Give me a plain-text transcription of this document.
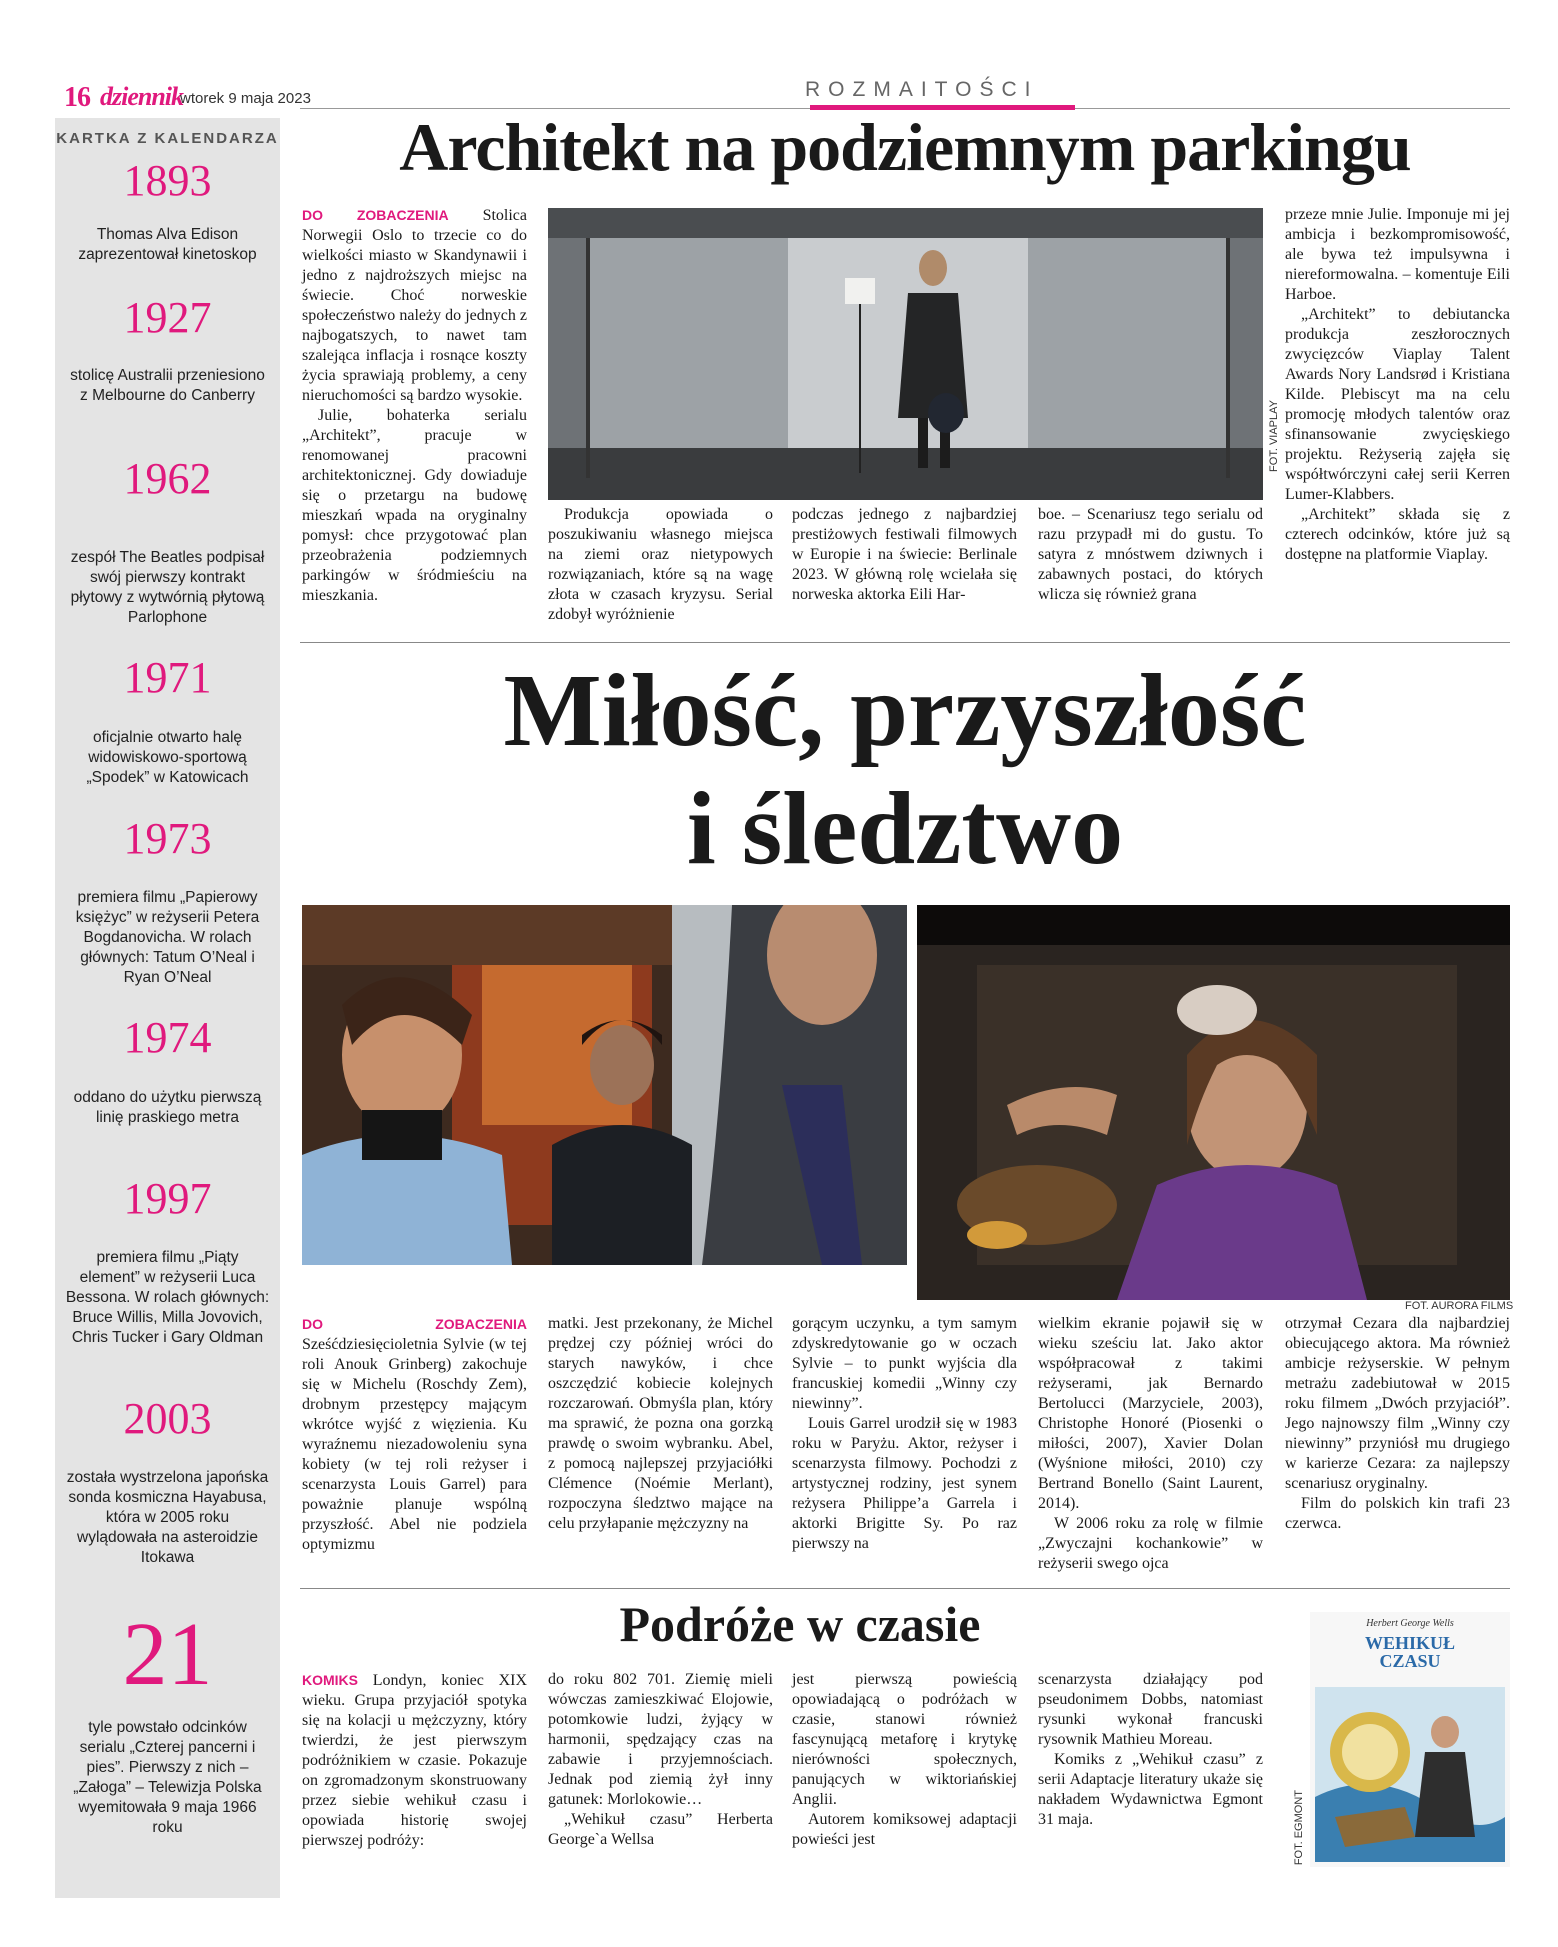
16 dziennik
wtorek 9 maja 2023	ROZMAITOŚCI
KARTKA Z KALENDARZA
1893
Thomas Alva Edison zaprezentował kinetoskop
1927
stolicę Australii przeniesiono z Melbourne do Canberry
1962
zespół The Beatles podpisał swój pierwszy kontrakt płytowy z wytwórnią płytową Parlophone
1971
oficjalnie otwarto halę widowiskowo-sportową „Spodek” w Katowicach
1973
premiera filmu „Papierowy księżyc” w reżyserii Petera Bogdanovicha. W rolach głównych: Tatum O’Neal i Ryan O’Neal
1974
oddano do użytku pierwszą linię praskiego metra
1997
premiera filmu „Piąty element” w reżyserii Luca Bessona. W rolach głównych: Bruce Willis, Milla Jovovich, Chris Tucker i Gary Oldman
2003
została wystrzelona japońska sonda kosmiczna Hayabusa, która w 2005 roku wylądowała na asteroidzie Itokawa
21
tyle powstało odcinków serialu „Czterej pancerni i pies”. Pierwszy z nich – „Załoga” – Telewizja Polska wyemitowała 9 maja 1966 roku
Architekt na podziemnym parkingu
DO ZOBACZENIA Stolica Norwegii Oslo to trzecie co do wielkości miasto w Skandynawii i jedno z najdroższych miejsc na świecie. Choć norweskie społeczeństwo należy do jednych z najbogatszych, to nawet tam szalejąca inflacja i rosnące koszty życia sprawiają problemy, a ceny nieruchomości są bardzo wysokie.
Julie, bohaterka serialu „Architekt”, pracuje w renomowanej pracowni architektonicznej. Gdy dowiaduje się o przetargu na budowę mieszkań wpada na oryginalny pomysł: chce przygotować plan przeobrażenia podziemnych parkingów w śródmieściu na mieszkania.
FOT. VIAPLAY
Produkcja opowiada o poszukiwaniu własnego miejsca na ziemi oraz nietypowych rozwiązaniach, które są na wagę złota w czasach kryzysu. Serial zdobył wyróżnienie
podczas jednego z najbardziej prestiżowych festiwali filmowych w Europie i na świecie: Berlinale 2023. W główną rolę wcielała się norweska aktorka Eili Har-
boe. – Scenariusz tego serialu od razu przypadł mi do gustu. To satyra z mnóstwem dziwnych i zabawnych postaci, do których wlicza się również grana
przeze mnie Julie. Imponuje mi jej ambicja i bezkompromisowość, ale bywa też impulsywna i niereformowalna. – komentuje Eili Harboe.
„Architekt” to debiutancka produkcja zeszłorocznych zwycięzców Viaplay Talent Awards Nory Landsrød i Kristiana Kilde. Plebiscyt ma na celu promocję młodych talentów oraz sfinansowanie zwycięskiego projektu. Reżyserią zajęła się współtwórczyni całej serii Kerren Lumer-Klabbers.
„Architekt” składa się z czterech odcinków, które już są dostępne na platformie Viaplay.
Miłość, przyszłość
i śledztwo
FOT. AURORA FILMS
DO ZOBACZENIA Sześćdziesięcioletnia Sylvie (w tej roli Anouk Grinberg) zakochuje się w Michelu (Roschdy Zem), drobnym przestępcy mającym wkrótce wyjść z więzienia. Ku wyraźnemu niezadowoleniu syna kobiety (w tej roli reżyser i scenarzysta Louis Garrel) para poważnie planuje wspólną przyszłość. Abel nie podziela optymizmu
matki. Jest przekonany, że Michel prędzej czy później wróci do starych nawyków, i chce oszczędzić kobiecie kolejnych rozczarowań. Obmyśla plan, który ma sprawić, że pozna ona gorzką prawdę o swoim wybranku. Abel, z pomocą najlepszej przyjaciółki Clémence (Noémie Merlant), rozpoczyna śledztwo mające na celu przyłapanie mężczyzny na
gorącym uczynku, a tym samym zdyskredytowanie go w oczach Sylvie – to punkt wyjścia dla francuskiej komedii „Winny czy niewinny”.
Louis Garrel urodził się w 1983 roku w Paryżu. Aktor, reżyser i scenarzysta filmowy. Pochodzi z artystycznej rodziny, jest synem reżysera Philippe’a Garrela i aktorki Brigitte Sy. Po raz pierwszy na
wielkim ekranie pojawił się w wieku sześciu lat. Jako aktor współpracował z takimi reżyserami, jak Bernardo Bertolucci (Marzyciele, 2003), Christophe Honoré (Piosenki o miłości, 2007), Xavier Dolan (Wyśnione miłości, 2010) czy Bertrand Bonello (Saint Laurent, 2014).
W 2006 roku za rolę w filmie „Zwyczajni kochankowie” w reżyserii swego ojca
otrzymał Cezara dla najbardziej obiecującego aktora. Ma również ambicje reżyserskie. W pełnym metrażu zadebiutował w 2015 roku filmem „Dwóch przyjaciół”. Jego najnowszy film „Winny czy niewinny” przyniósł mu drugiego w karierze Cezara: za najlepszy scenariusz oryginalny.
Film do polskich kin trafi 23 czerwca.
Podróże w czasie
KOMIKS Londyn, koniec XIX wieku. Grupa przyjaciół spotyka się na kolacji u mężczyzny, który twierdzi, że jest pierwszym podróżnikiem w czasie. Pokazuje on zgromadzonym skonstruowany przez siebie wehikuł czasu i opowiada historię swojej pierwszej podróży:
do roku 802 701. Ziemię mieli wówczas zamieszkiwać Elojowie, potomkowie ludzi, żyjący w harmonii, spędzający czas na zabawie i przyjemnościach. Jednak pod ziemią żył inny gatunek: Morlokowie…
„Wehikuł czasu” Herberta George`a Wellsa
jest pierwszą powieścią opowiadającą o podróżach w czasie, stanowi również fascynującą metaforę i krytykę nierówności społecznych, panujących w wiktoriańskiej Anglii.
Autorem komiksowej adaptacji powieści jest
scenarzysta działający pod pseudonimem Dobbs, natomiast rysunki wykonał francuski rysownik Mathieu Moreau.
Komiks z „Wehikuł czasu” z serii Adaptacje literatury ukaże się nakładem Wydawnictwa Egmont 31 maja.
Herbert George Wells
WEHIKUŁ CZASU
FOT. EGMONT
